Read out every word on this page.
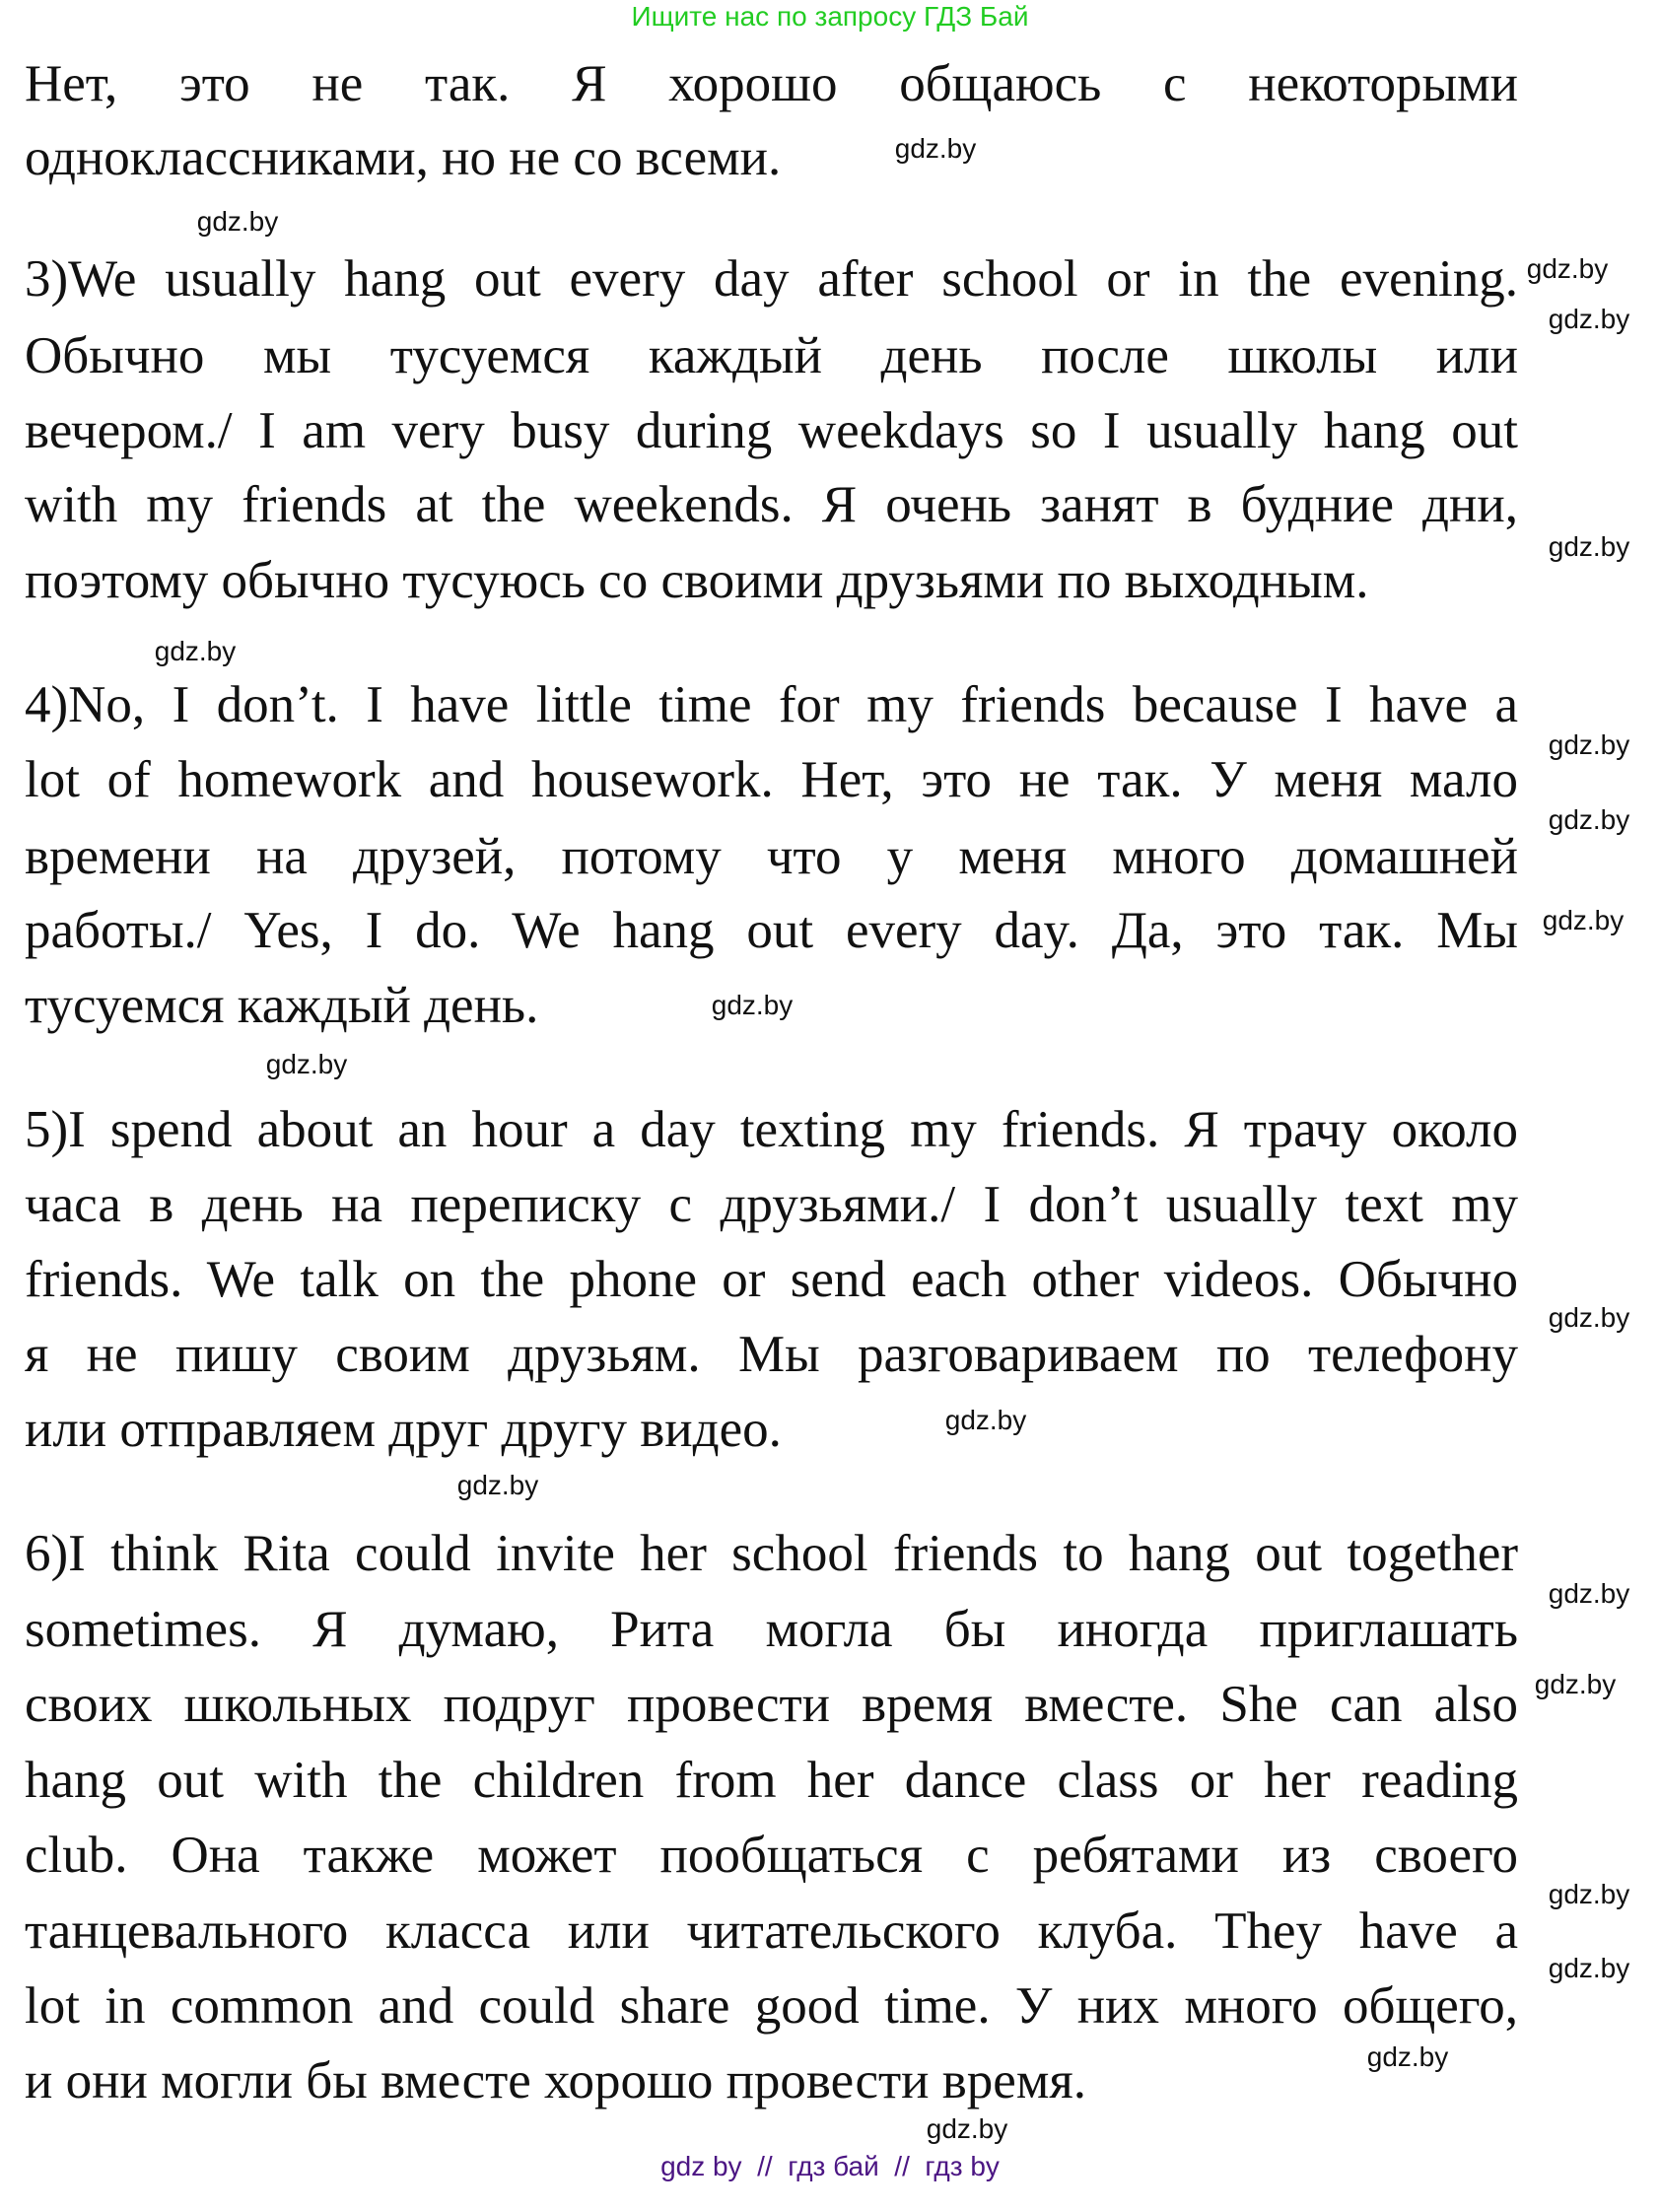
Ищите нас по запросу ГДЗ Бай
Нет, это не так. Я хорошо общаюсь с некоторыми
одноклассниками, но не со всеми.
3)We usually hang out every day after school or in the evening.
Обычно мы тусуемся каждый день после школы или
вечером./ I am very busy during weekdays so I usually hang out
with my friends at the weekends. Я очень занят в будние дни,
поэтому обычно тусуюсь со своими друзьями по выходным.
4)No, I don’t. I have little time for my friends because I have a
lot of homework and housework. Нет, это не так. У меня мало
времени на друзей, потому что у меня много домашней
работы./ Yes, I do. We hang out every day. Да, это так. Мы
тусуемся каждый день.
5)I spend about an hour a day texting my friends. Я трачу около
часа в день на переписку с друзьями./ I don’t usually text my
friends. We talk on the phone or send each other videos. Обычно
я не пишу своим друзьям. Мы разговариваем по телефону
или отправляем друг другу видео.
6)I think Rita could invite her school friends to hang out together
sometimes. Я думаю, Рита могла бы иногда приглашать
своих школьных подруг провести время вместе. She can also
hang out with the children from her dance class or her reading
club. Она также может пообщаться с ребятами из своего
танцевального класса или читательского клуба. They have a
lot in common and could share good time. У них много общего,
и они могли бы вместе хорошо провести время.
gdz.by
gdz.by
gdz.by
gdz.by
gdz.by
gdz.by
gdz.by
gdz.by
gdz.by
gdz.by
gdz.by
gdz.by
gdz.by
gdz.by
gdz.by
gdz.by
gdz.by
gdz.by
gdz.by
gdz.by
gdz by  //  гдз бай  //  гдз by
